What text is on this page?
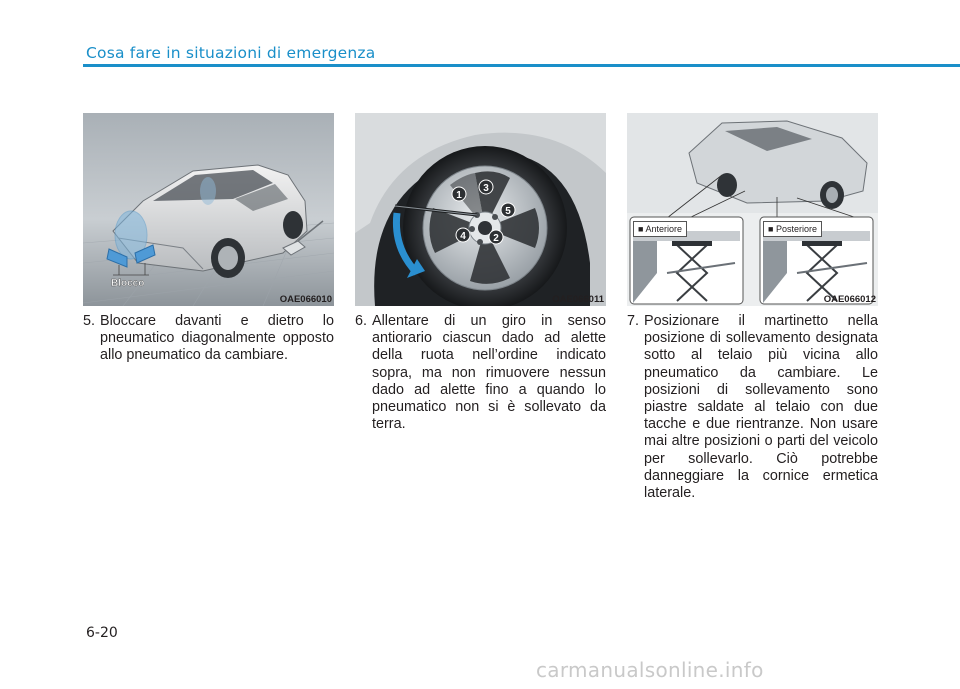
Cosa fare in situazioni di emergenza
Blocco
OAE066010
1
3
5
2
4
OAE066011
■ Anteriore	■ Posteriore
OAE066012
5. Bloccare davanti e dietro lo pneumatico diagonalmente opposto allo pneumatico da cambiare.
6. Allentare di un giro in senso antiorario ciascun dado ad alette della ruota nell’ordine indicato sopra, ma non rimuovere nessun dado ad alette fino a quando lo pneumatico non si è sollevato da terra.
7. Posizionare il martinetto nella posizione di sollevamento designata sotto al telaio più vicina allo pneumatico da cambiare. Le posizioni di sollevamento sono piastre saldate al telaio con due tacche e due rientranze. Non usare mai altre posizioni o parti del veicolo per sollevarlo. Ciò potrebbe danneggiare la cornice ermetica laterale.
6-20
carmanualsonline.info
